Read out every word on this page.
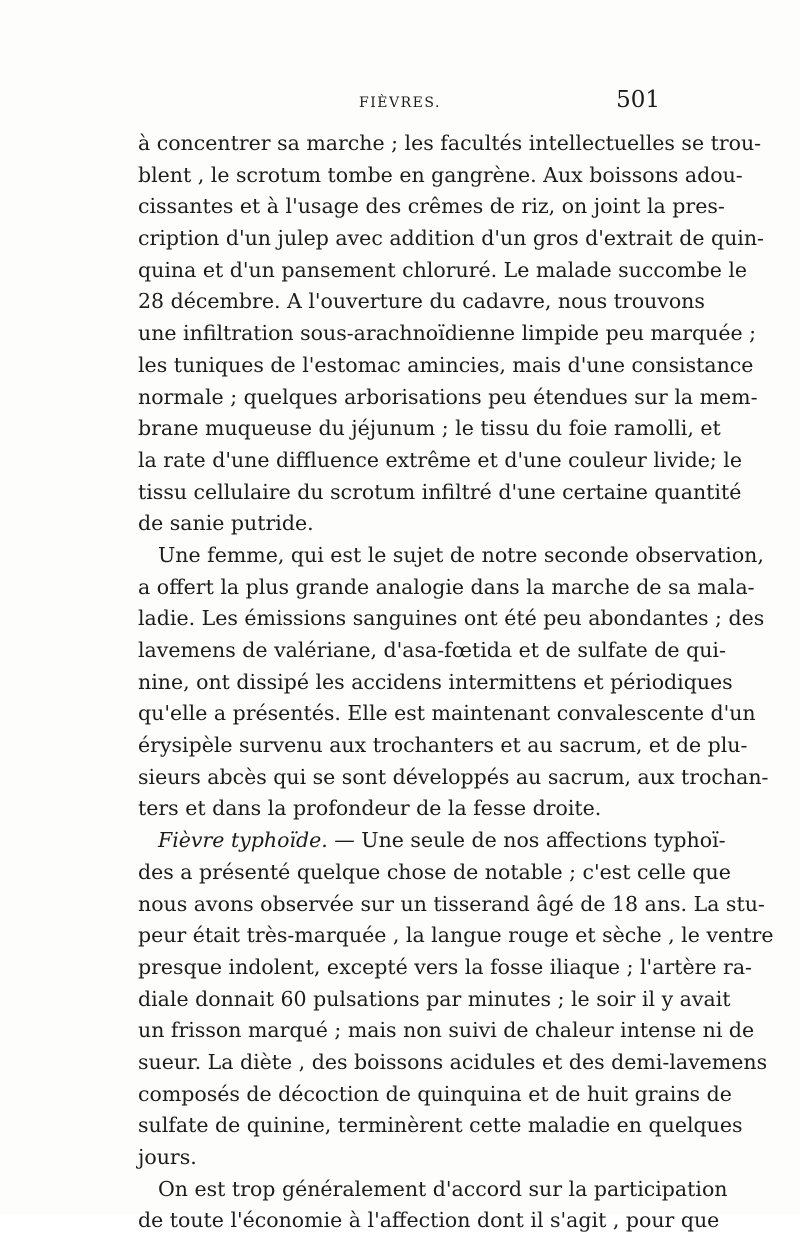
FIÈVRES.	501
à concentrer sa marche ; les facultés intellectuelles se trou-
blent , le scrotum tombe en gangrène. Aux boissons adou-
cissantes et à l'usage des crêmes de riz, on joint la pres-
cription d'un julep avec addition d'un gros d'extrait de quin-
quina et d'un pansement chloruré. Le malade succombe le
28 décembre. A l'ouverture du cadavre, nous trouvons
une infiltration sous-arachnoïdienne limpide peu marquée ;
les tuniques de l'estomac amincies, mais d'une consistance
normale ; quelques arborisations peu étendues sur la mem-
brane muqueuse du jéjunum ; le tissu du foie ramolli, et
la rate d'une diffluence extrême et d'une couleur livide; le
tissu cellulaire du scrotum infiltré d'une certaine quantité
de sanie putride.
Une femme, qui est le sujet de notre seconde observation,
a offert la plus grande analogie dans la marche de sa mala-
ladie. Les émissions sanguines ont été peu abondantes ; des
lavemens de valériane, d'asa-fœtida et de sulfate de qui-
nine, ont dissipé les accidens intermittens et périodiques
qu'elle a présentés. Elle est maintenant convalescente d'un
érysipèle survenu aux trochanters et au sacrum, et de plu-
sieurs abcès qui se sont développés au sacrum, aux trochan-
ters et dans la profondeur de la fesse droite.
Fièvre typhoïde. — Une seule de nos affections typhoï-
des a présenté quelque chose de notable ; c'est celle que
nous avons observée sur un tisserand âgé de 18 ans. La stu-
peur était très-marquée , la langue rouge et sèche , le ventre
presque indolent, excepté vers la fosse iliaque ; l'artère ra-
diale donnait 60 pulsations par minutes ; le soir il y avait
un frisson marqué ; mais non suivi de chaleur intense ni de
sueur. La diète , des boissons acidules et des demi-lavemens
composés de décoction de quinquina et de huit grains de
sulfate de quinine, terminèrent cette maladie en quelques
jours.
On est trop généralement d'accord sur la participation
de toute l'économie à l'affection dont il s'agit , pour que
